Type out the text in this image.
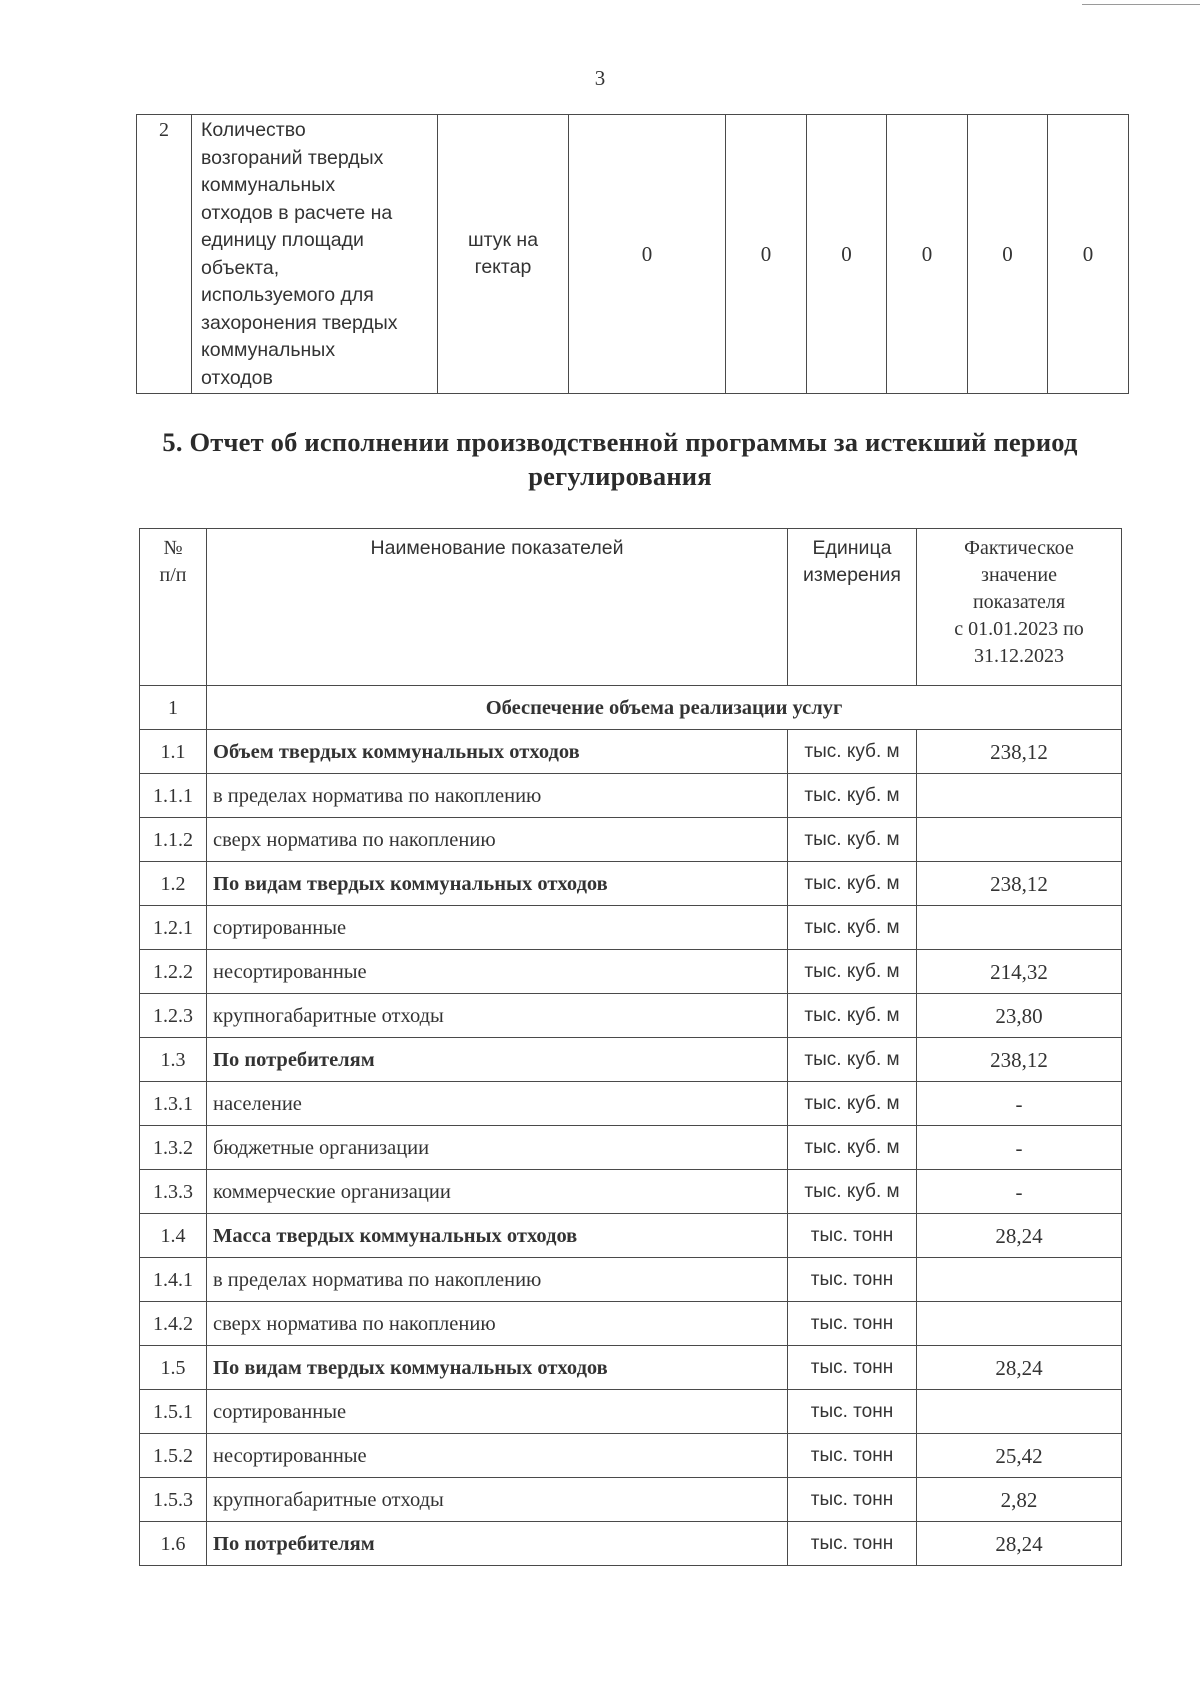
3
2	Количество
возгораний твердых
коммунальных
отходов в расчете на
единицу площади
объекта,
используемого для
захоронения твердых
коммунальных
отходов	штук на
гектар	0	0	0	0	0	0
5. Отчет об исполнении производственной программы за истекший период
регулирования
№
п/п	Наименование показателей	Единица
измерения	Фактическое
значение
показателя
с 01.01.2023 по
31.12.2023
1	Обеспечение объема реализации услуг		
1.1	Объем твердых коммунальных отходов	тыс. куб. м	238,12
1.1.1	в пределах норматива по накоплению	тыс. куб. м	
1.1.2	сверх норматива по накоплению	тыс. куб. м	
1.2	По видам твердых коммунальных отходов	тыс. куб. м	238,12
1.2.1	сортированные	тыс. куб. м	
1.2.2	несортированные	тыс. куб. м	214,32
1.2.3	крупногабаритные отходы	тыс. куб. м	23,80
1.3	По потребителям	тыс. куб. м	238,12
1.3.1	население	тыс. куб. м	-
1.3.2	бюджетные организации	тыс. куб. м	-
1.3.3	коммерческие организации	тыс. куб. м	-
1.4	Масса твердых коммунальных отходов	тыс. тонн	28,24
1.4.1	в пределах норматива по накоплению	тыс. тонн	
1.4.2	сверх норматива по накоплению	тыс. тонн	
1.5	По видам твердых коммунальных отходов	тыс. тонн	28,24
1.5.1	сортированные	тыс. тонн	
1.5.2	несортированные	тыс. тонн	25,42
1.5.3	крупногабаритные отходы	тыс. тонн	2,82
1.6	По потребителям	тыс. тонн	28,24
